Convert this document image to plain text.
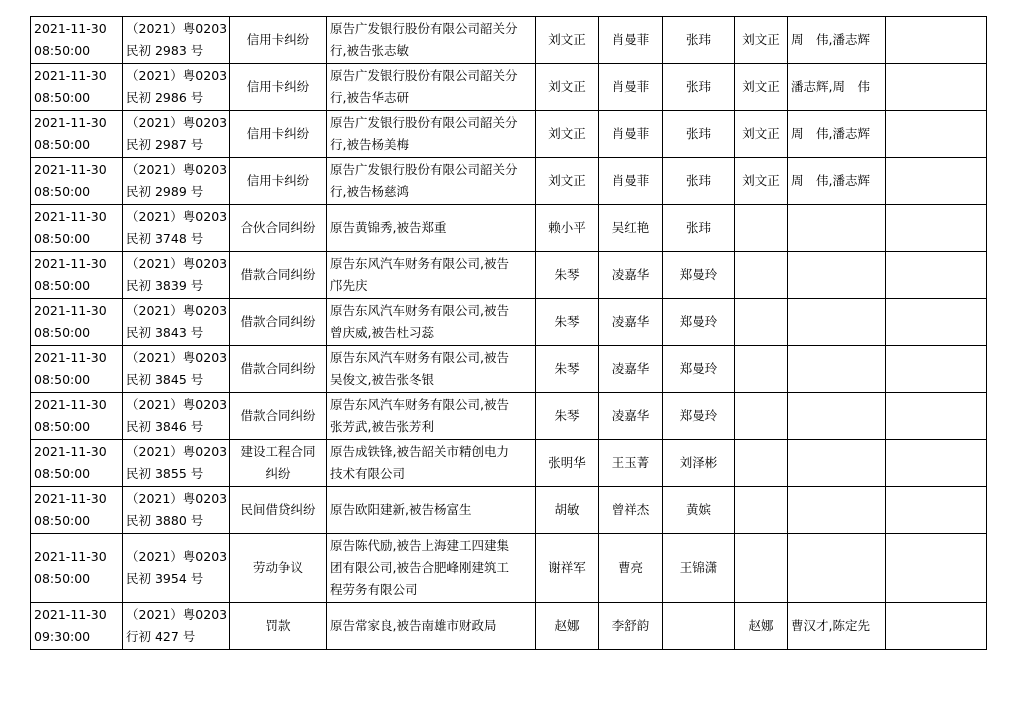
2021-11-30
08:50:00	（2021）粤0203
民初 2983 号	信用卡纠纷	原告广发银行股份有限公司韶关分
行,被告张志敏	刘文正	肖曼菲	张玮	刘文正	周　伟,潘志辉	

2021-11-30
08:50:00	（2021）粤0203
民初 2986 号	信用卡纠纷	原告广发银行股份有限公司韶关分
行,被告华志研	刘文正	肖曼菲	张玮	刘文正	潘志辉,周　伟	

2021-11-30
08:50:00	（2021）粤0203
民初 2987 号	信用卡纠纷	原告广发银行股份有限公司韶关分
行,被告杨美梅	刘文正	肖曼菲	张玮	刘文正	周　伟,潘志辉	

2021-11-30
08:50:00	（2021）粤0203
民初 2989 号	信用卡纠纷	原告广发银行股份有限公司韶关分
行,被告杨慈鸿	刘文正	肖曼菲	张玮	刘文正	周　伟,潘志辉	

2021-11-30
08:50:00	（2021）粤0203
民初 3748 号	合伙合同纠纷	原告黄锦秀,被告郑重	赖小平	吴红艳	张玮			

2021-11-30
08:50:00	（2021）粤0203
民初 3839 号	借款合同纠纷	原告东风汽车财务有限公司,被告
邝先庆	朱琴	凌嘉华	郑曼玲			

2021-11-30
08:50:00	（2021）粤0203
民初 3843 号	借款合同纠纷	原告东风汽车财务有限公司,被告
曾庆威,被告杜习蕊	朱琴	凌嘉华	郑曼玲			

2021-11-30
08:50:00	（2021）粤0203
民初 3845 号	借款合同纠纷	原告东风汽车财务有限公司,被告
吴俊文,被告张冬银	朱琴	凌嘉华	郑曼玲			

2021-11-30
08:50:00	（2021）粤0203
民初 3846 号	借款合同纠纷	原告东风汽车财务有限公司,被告
张芳武,被告张芳利	朱琴	凌嘉华	郑曼玲			

2021-11-30
08:50:00	（2021）粤0203
民初 3855 号	建设工程合同
纠纷	原告成铁锋,被告韶关市精创电力
技术有限公司	张明华	王玉菁	刘泽彬			

2021-11-30
08:50:00	（2021）粤0203
民初 3880 号	民间借贷纠纷	原告欧阳建新,被告杨富生	胡敏	曾祥杰	黄嫔			

2021-11-30
08:50:00	（2021）粤0203
民初 3954 号	劳动争议	原告陈代励,被告上海建工四建集
团有限公司,被告合肥峰刚建筑工
程劳务有限公司	谢祥军	曹亮	王锦潇			

2021-11-30
09:30:00	（2021）粤0203
行初 427 号	罚款	原告常家良,被告南雄市财政局	赵娜	李舒韵		赵娜	曹汉才,陈定先	
